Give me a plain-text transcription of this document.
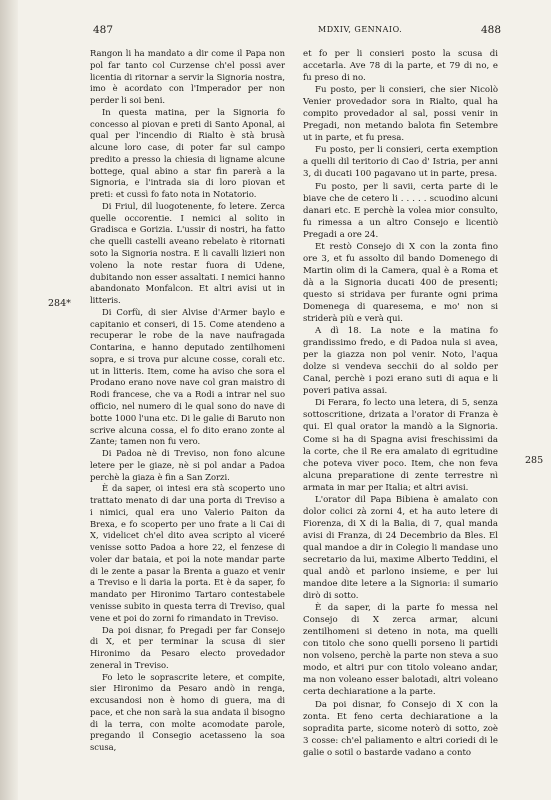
487	MDXIV, GENNAIO.	488
284*
285

Rangon li ha mandato a dir come il Papa non pol far tanto col Curzense ch'el possi aver licentia di ritornar a servir la Signoria nostra, imo è acordato con l'Imperador per non perder li soi beni.

In questa matina, per la Signoria fo concesso al piovan e preti di Santo Aponal, ai qual per l'incendio di Rialto è stà brusà alcune loro case, di poter far sul campo predito a presso la chiesia di ligname alcune bottege, qual abino a star fin parerà a la Signoria, e l'intrada sia di loro piovan et preti: et cussì fo fato nota in Notatorio.

Di Friul, dil luogotenente, fo letere. Zerca quelle occorentie. I nemici al solito in Gradisca e Gorizia. L'ussir di nostri, ha fatto che quelli castelli aveano rebelato è ritornati soto la Signoria nostra. E li cavalli lizieri non voleno la note restar fuora di Udene, dubitando non esser assaltati. I nemici hanno abandonato Monfalcon. Et altri avisi ut in litteris.

Di Corfù, di sier Alvise d'Armer baylo e capitanio et conseri, di 15. Come atendeno a recuperar le robe de la nave naufragada Contarina, e hanno deputado zentilhomeni sopra, e si trova pur alcune cosse, corali etc. ut in litteris. Item, come ha aviso che sora el Prodano erano nove nave col gran maistro di Rodi francese, che va a Rodi a intrar nel suo officio, nel numero di le qual sono do nave di botte 1000 l'una etc. Di le galie di Baruto non scrive alcuna cossa, el fo dito erano zonte al Zante; tamen non fu vero.

Di Padoa nè di Treviso, non fono alcune letere per le giaze, nè si pol andar a Padoa perchè la giaza è fin a San Zorzi.

È da saper, oi intesi era stà scoperto uno trattato menato di dar una porta di Treviso a i nimici, qual era uno Valerio Paiton da Brexa, e fo scoperto per uno frate a li Cai di X, videlicet ch'el dito avea scripto al viceré venisse sotto Padoa a hore 22, el fenzese di voler dar bataia, et poi la note mandar parte di le zente a pasar la Brenta a guazo et venir a Treviso e li daria la porta. Et è da saper, fo mandato per Hironimo Tartaro contestabele venisse subito in questa terra di Treviso, qual vene et poi do zorni fo rimandato in Treviso.

Da poi disnar, fo Pregadi per far Consejo di X, et per terminar la scusa di sier Hironimo da Pesaro electo provedador zeneral in Treviso.

Fo leto le soprascrite letere, et compite, sier Hironimo da Pesaro andò in renga, excusandosi non è homo di guera, ma di pace, et che non sarà la sua andata il bisogno di la terra, con molte acomodate parole, pregando il Consegio acetasseno la soa scusa,

et fo per li consieri posto la scusa di accetarla. Ave 78 di la parte, et 79 di no, e fu preso di no.

Fu posto, per li consieri, che sier Nicolò Venier provedador sora in Rialto, qual ha compito provedador al sal, possi venir in Pregadi, non metando balota fin Setembre ut in parte, et fu presa.

Fu posto, per li consieri, certa exemption a quelli dil teritorio di Cao d' Istria, per anni 3, di ducati 100 pagavano ut in parte, presa.

Fu posto, per li savii, certa parte di le biave che de cetero li . . . . . scuodino alcuni danari etc. E perchè la volea mior consulto, fu rimessa a un altro Consejo e licentiò Pregadi a ore 24.

Et restò Consejo di X con la zonta fino ore 3, et fu assolto dil bando Domenego di Martin olim di la Camera, qual è a Roma et dà a la Signoria ducati 400 de presenti; questo si stridava per furante ogni prima Domenega di quaresema, e mo' non si striderà più e verà qui.

A dì 18. La note e la matina fo grandissimo fredo, e di Padoa nula si avea, per la giazza non pol venir. Noto, l'aqua dolze si vendeva secchii do al soldo per Canal, perchè i pozi erano suti di aqua e li poveri pativa assai.

Di Ferara, fo lecto una letera, di 5, senza sottoscritione, drizata a l'orator di Franza è qui. El qual orator la mandò a la Signoria. Come si ha di Spagna avisi freschissimi da la corte, che il Re era amalato di egritudine che poteva viver poco. Item, che non feva alcuna preparatione di zente terrestre nì armata in mar per Italia; et altri avisi.

L'orator dil Papa Bibiena è amalato con dolor colici zà zorni 4, et ha auto letere di Fiorenza, di X di la Balia, di 7, qual manda avisi di Franza, di 24 Decembrio da Bles. El qual mandoe a dir in Colegio li mandase uno secretario da lui, maxime Alberto Teddini, el qual andò et parlono insieme, e per lui mandoe dite letere a la Signoria: il sumario dirò di sotto.

È da saper, di la parte fo messa nel Consejo di X zerca armar, alcuni zentilhomeni si deteno in nota, ma quelli con titolo che sono quelli porseno li partidi non volseno, perchè la parte non steva a suo modo, et altri pur con titolo voleano andar, ma non voleano esser balotadi, altri voleano certa dechiaratione a la parte.

Da poi disnar, fo Consejo di X con la zonta. Et feno certa dechiaratione a la sopradita parte, sicome noterò di sotto, zoè 3 cosse: ch'el paliamento e altri coriedi di le galie o sotil o bastarde vadano a conto
